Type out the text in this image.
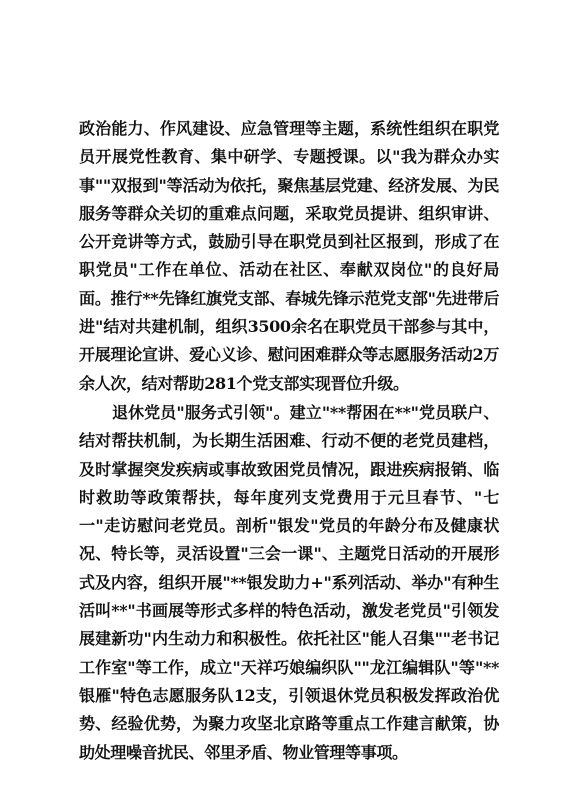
政治能力、作风建设、应急管理等主题，系统性组织在职党员开展党性教育、集中研学、专题授课。以"我为群众办实事""双报到"等活动为依托，聚焦基层党建、经济发展、为民服务等群众关切的重难点问题，采取党员提讲、组织审讲、公开竞讲等方式，鼓励引导在职党员到社区报到，形成了在职党员"工作在单位、活动在社区、奉献双岗位"的良好局面。推行**先锋红旗党支部、春城先锋示范党支部"先进带后进"结对共建机制，组织3500余名在职党员干部参与其中，开展理论宣讲、爱心义诊、慰问困难群众等志愿服务活动2万余人次，结对帮助281个党支部实现晋位升级。

退休党员"服务式引领"。建立"**帮困在**"党员联户、结对帮扶机制，为长期生活困难、行动不便的老党员建档，及时掌握突发疾病或事故致困党员情况，跟进疾病报销、临时救助等政策帮扶，每年度列支党费用于元旦春节、"七一"走访慰问老党员。剖析"银发"党员的年龄分布及健康状况、特长等，灵活设置"三会一课"、主题党日活动的开展形式及内容，组织开展"**银发助力+"系列活动、举办"有种生活叫**"书画展等形式多样的特色活动，激发老党员"引领发展建新功"内生动力和积极性。依托社区"能人召集""老书记工作室"等工作，成立"天祥巧娘编织队""龙江编辑队"等"**银雁"特色志愿服务队12支，引领退休党员积极发挥政治优势、经验优势，为聚力攻坚北京路等重点工作建言献策，协助处理噪音扰民、邻里矛盾、物业管理等事项。
